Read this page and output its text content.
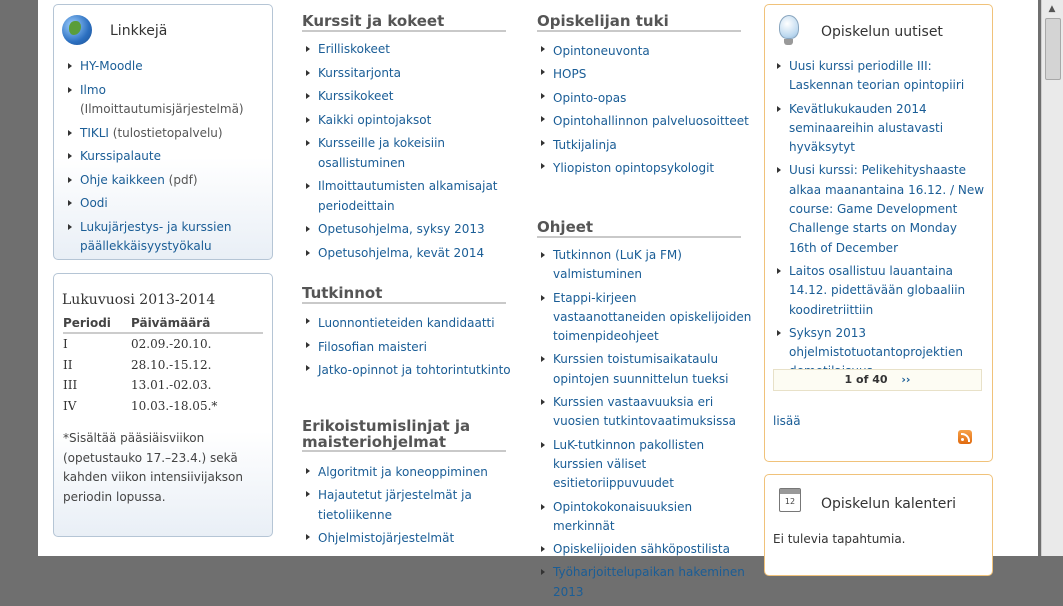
Linkkejä
HY-Moodle
Ilmo (Ilmoittautumisjärjestelmä)
TIKLI (tulostietopalvelu)
Kurssipalaute
Ohje kaikkeen (pdf)
Oodi
Lukujärjestys- ja kurssien päällekkäisyystyökalu
Lukuvuosi 2013-2014
Periodi	Päivämäärä
I	02.09.-20.10.
II	28.10.-15.12.
III	13.01.-02.03.
IV	10.03.-18.05.*
*Sisältää pääsiäisviikon (opetustauko 17.–23.4.) sekä kahden viikon intensiivijakson periodin lopussa.
Kurssit ja kokeet
Erilliskokeet
Kurssitarjonta
Kurssikokeet
Kaikki opintojaksot
Kursseille ja kokeisiin osallistuminen
Ilmoittautumisten alkamisajat periodeittain
Opetusohjelma, syksy 2013
Opetusohjelma, kevät 2014
Tutkinnot
Luonnontieteiden kandidaatti
Filosofian maisteri
Jatko-opinnot ja tohtorintutkinto
Erikoistumislinjat ja maisteriohjelmat
Algoritmit ja koneoppiminen
Hajautetut järjestelmät ja tietoliikenne
Ohjelmistojärjestelmät
Opiskelijan tuki
Opintoneuvonta
HOPS
Opinto-opas
Opintohallinnon palveluosoitteet
Tutkijalinja
Yliopiston opintopsykologit
Ohjeet
Tutkinnon (LuK ja FM) valmistuminen
Etappi-kirjeen vastaanottaneiden opiskelijoiden toimenpideohjeet
Kurssien toistumisaikataulu opintojen suunnittelun tueksi
Kurssien vastaavuuksia eri vuosien tutkintovaatimuksissa
LuK-tutkinnon pakollisten kurssien väliset esitietoriippuvuudet
Opintokokonaisuuksien merkinnät
Opiskelijoiden sähköpostilista
Työharjoittelupaikan hakeminen 2013
Opiskelun uutiset
Uusi kurssi periodille III: Laskennan teorian opintopiiri
Kevätlukukauden 2014 seminaareihin alustavasti hyväksytyt
Uusi kurssi: Pelikehityshaaste alkaa maanantaina 16.12. / New course: Game Development Challenge starts on Monday 16th of December
Laitos osallistuu lauantaina 14.12. pidettävään globaaliin koodiretriittiin
Syksyn 2013 ohjelmistotuotantoprojektien
1 of 40 ››
lisää
12	Opiskelun kalenteri
Ei tulevia tapahtumia.
▲
